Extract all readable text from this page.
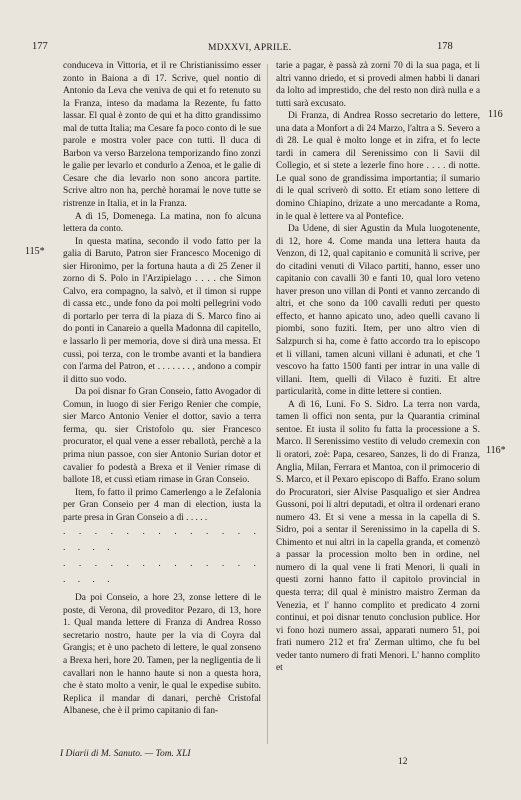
177	MDXXVI, APRILE.	178
115*
116
116*

conduceva in Vittoria, et il re Christianissimo esser zonto in Baiona a dì 17. Scrive, quel nontio di Antonio da Leva che veniva de qui et fo retenuto su la Franza, inteso da madama la Rezente, fu fatto lassar. El qual è zonto de qui et ha ditto grandissimo mal de tutta Italia; ma Cesare fa poco conto di le sue parole e mostra voler pace con tutti. Il duca di Barbon va verso Barzelona temporizando fino zonzi le galie per levarlo et condurlo a Zenoa, et le galie di Cesare che dia levarlo non sono ancora partite. Scrive altro non ha, perchè horamai le nove tutte se ristrenze in Italia, et in la Franza.

A dì 15, Domenega. La matina, non fo alcuna lettera da conto.

In questa matina, secondo il vodo fatto per la galia di Baruto, Patron sier Francesco Mocenigo di sier Hironimo, per la fortuna hauta a dì 25 Zener il zorno di S. Polo in l'Arzipielago . . . . che Simon Calvo, era compagno, la salvò, et il timon si ruppe di cassa etc., unde fono da poi molti pellegrini vodo di portarlo per terra di la piaza di S. Marco fino ai do ponti in Canareio a quella Madonna dil capitello, e lassarlo lì per memoria, dove si dirà una messa. Et cussì, poi terza, con le trombe avanti et la bandiera con l'arma del Patron, et . . . . . . . , andono a compir il ditto suo vodo.

Da poi disnar fo Gran Conseio, fatto Avogador di Comun, in luogo di sier Ferigo Renier che compie, sier Marco Antonio Venier el dottor, savio a terra ferma, qu. sier Cristofolo qu. sier Francesco procurator, el qual vene a esser reballotà, perchè a la prima niun passoe, con sier Antonio Surian dotor et cavalier fo podestà a Brexa et il Venier rimase di ballote 18, et cussì etiam rimase in Gran Conseio.

Item, fo fatto il primo Camerlengo a le Zefalonia per Gran Conseio per 4 man di election, iusta la parte presa in Gran Conseio a dì . . . . .

. . . . . . . . . . . . . . . . .

. . . . . . . . . . . . . . . . .

Da poi Conseio, a hore 23, zonse lettere di le poste, di Verona, dil proveditor Pezaro, di 13, hore 1. Qual manda lettere di Franza di Andrea Rosso secretario nostro, haute per la via di Coyra dal Grangis; et è uno pacheto di lettere, le qual zonseno a Brexa heri, hore 20. Tamen, per la negligentia de li cavallari non le hanno haute si non a questa hora, che è stato molto a venir, le qual le expedise subito. Replica il mandar di danari, perchè Cristofal Albanese, che è il primo capitanio di fan-

tarie a pagar, è passà zà zorni 70 di la sua paga, et li altri vanno driedo, et si provedi almen habbi li danari da lolto ad imprestido, che del resto non dirà nulla e a tutti sarà excusato.

Di Franza, di Andrea Rosso secretario do lettere, una data a Monfort a dì 24 Marzo, l'altra a S. Severo a dì 28. Le qual è molto longe et in zifra, et fo lecte tardi in camera dil Serenissimo con li Savii dil Collegio, et si stete a lezerle fino hore . . . . di notte. Le qual sono de grandissima importantia; il sumario di le qual scriverò di sotto. Et etiam sono lettere di domino Chiapino, drizate a uno mercadante a Roma, in le qual è lettere va al Pontefice.

Da Udene, di sier Agustin da Mula luogotenente, di 12, hore 4. Come manda una lettera hauta da Venzon, di 12, qual capitanio e comunità li scrive, per do citadini venuti di Vilaco partiti, hanno, esser uno capitanio con cavalli 30 e fanti 10, qual loro veteno haver preson uno villan di Ponti et vanno zercando di altri, et che sono da 100 cavalli reduti per questo effecto, et hanno apicato uno, adeo quelli cavano li piombi, sono fuziti. Item, per uno altro vien di Salzpurch si ha, come è fatto accordo tra lo episcopo et li villani, tamen alcuni villani è adunati, et che 'l vescovo ha fatto 1500 fanti per intrar in una valle di villani. Item, quelli di Vilaco è fuziti. Et altre particularità, come in ditte lettere si contien.

A dì 16, Luni. Fo S. Sidro. La terra non varda, tamen li offici non senta, pur la Quarantia criminal sentoe. Et iusta il solito fu fatta la processione a S. Marco. Il Serenissimo vestito di veludo cremexin con li oratori, zoè: Papa, cesareo, Sanzes, li do di Franza, Anglia, Milan, Ferrara et Mantoa, con il primocerio di S. Marco, et il Pexaro episcopo di Baffo. Erano solum do Procuratori, sier Alvise Pasqualigo et sier Andrea Gussoni, poi li altri deputadi, et oltra il ordenari erano numero 43. Et si vene a messa in la capella di S. Sidro, poi a sentar il Serenissimo in la capella di S. Chimento et nui altri in la capella granda, et comenzò a passar la procession molto ben in ordine, nel numero di la qual vene li frati Menori, li quali in questi zorni hanno fatto il capitolo provincial in questa terra; dil qual è ministro maistro Zerman da Venezia, et l' hanno complito et predicato 4 zorni continui, et poi disnar tenuto conclusion publice. Hor vi fono hozi numero assai, apparati numero 51, poi frati numero 212 et fra' Zerman ultimo, che fu bel veder tanto numero di frati Menori. L' hanno complito et

I Diarii di M. Sanuto. — Tom. XLI
12
